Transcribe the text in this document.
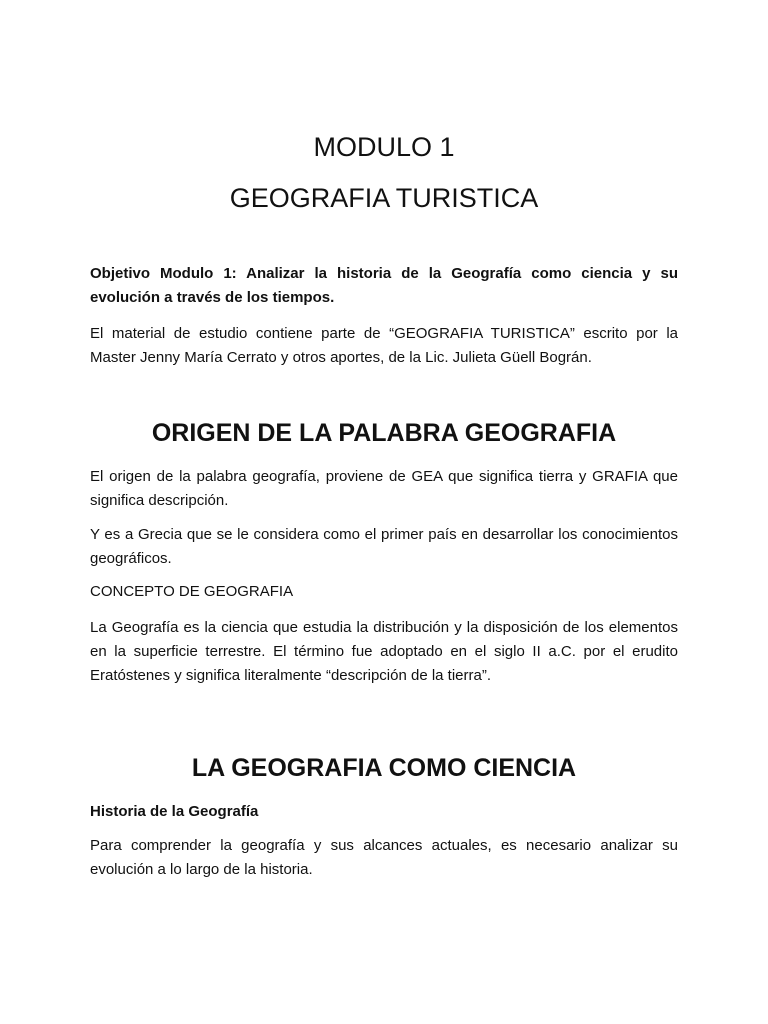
MODULO 1
GEOGRAFIA TURISTICA

Objetivo Modulo 1: Analizar la historia de la Geografía como ciencia y su evolución a través de los tiempos.

El material de estudio contiene parte de “GEOGRAFIA TURISTICA” escrito por la Master Jenny María Cerrato y otros aportes, de la Lic. Julieta Güell Bográn.

ORIGEN DE LA PALABRA GEOGRAFIA

El origen de la palabra geografía, proviene de GEA que significa tierra y GRAFIA que significa descripción.

Y es a Grecia que se le considera como el primer país en desarrollar los conocimientos geográficos.

CONCEPTO DE GEOGRAFIA

La Geografía es la ciencia que estudia la distribución y la disposición de los elementos en la superficie terrestre. El término fue adoptado en el siglo II a.C. por el erudito Eratóstenes y significa literalmente “descripción de la tierra”.

LA GEOGRAFIA COMO CIENCIA

Historia de la Geografía

Para comprender la geografía y sus alcances actuales, es necesario analizar su evolución a lo largo de la historia.
